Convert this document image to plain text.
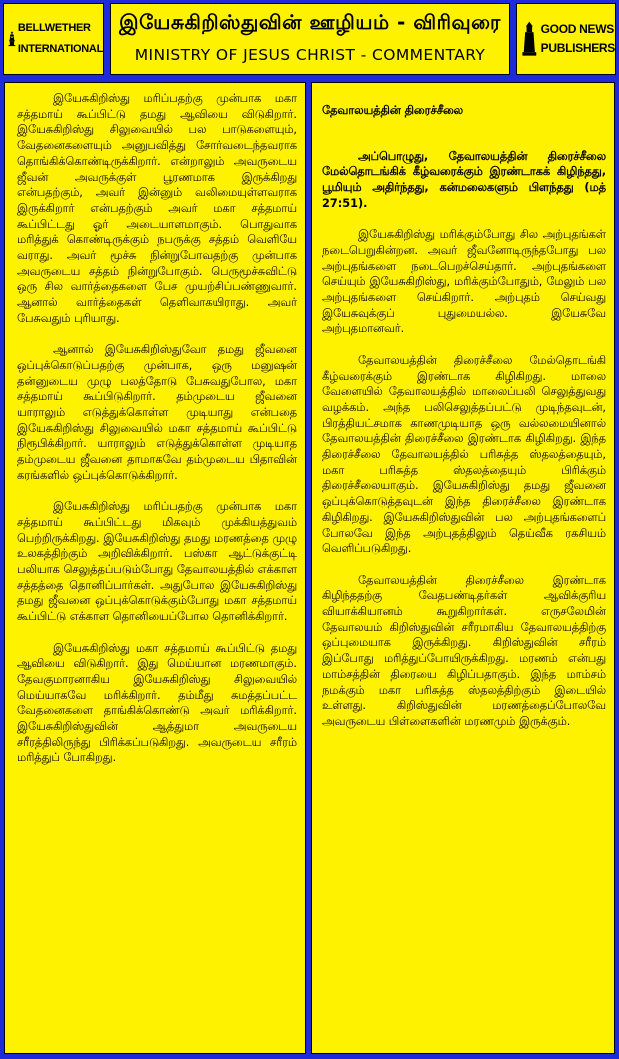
BELLWETHER
INTERNATIONAL
இயேசுகிறிஸ்துவின் ஊழியம் - விரிவுரை
MINISTRY OF JESUS CHRIST - COMMENTARY
GOOD NEWS
PUBLISHERS

இயேசுகிறிஸ்து மரிப்பதற்கு முன்பாக மகா சத்தமாய் கூப்பிட்டு தமது ஆவியை விடுகிறார். இயேசுகிறிஸ்து சிலுவையில் பல பாடுகளையும், வேதனைகளையும் அனுபவித்து சோர்வடைந்தவராக தொங்கிக்கொண்டிருக்கிறார். என்றாலும் அவருடைய ஜீவன் அவருக்குள் பூரணமாக இருக்கிறது என்பதற்கும், அவர் இன்னும் வலிமையுள்ளவராக இருக்கிறார் என்பதற்கும் அவர் மகா சத்தமாய் கூப்பிட்டது ஓர் அடையாளமாகும். பொதுவாக மரித்துக் கொண்டிருக்கும் நபருக்கு சத்தம் வெளியே வராது. அவர் மூச்சு நின்றுபோவதற்கு முன்பாக அவருடைய சத்தம் நின்றுபோகும். பெருமூச்சுவிட்டு ஒரு சில வார்த்தைகளை பேச முயற்சிப்பண்ணுவார். ஆனால் வார்த்தைகள் தெளிவாகயிராது. அவர் பேசுவதும் புரியாது.

ஆனால் இயேசுகிறிஸ்துவோ தமது ஜீவனை ஒப்புக்கொடுப்பதற்கு முன்பாக, ஒரு மனுஷன் தன்னுடைய முழு பலத்தோடு பேசுவதுபோல, மகா சத்தமாய் கூப்பிடுகிறார். தம்முடைய ஜீவனை யாராலும் எடுத்துக்கொள்ள முடியாது என்பதை இயேசுகிறிஸ்து சிலுவையில் மகா சத்தமாய் கூப்பிட்டு நிரூபிக்கிறார். யாராலும் எடுத்துக்கொள்ள முடியாத தம்முடைய ஜீவனை தாமாகவே தம்முடைய பிதாவின் கரங்களில் ஒப்புக்கொடுக்கிறார்.

இயேசுகிறிஸ்து மரிப்பதற்கு முன்பாக மகா சத்தமாய் கூப்பிட்டது மிகவும் முக்கியத்துவம் பெற்றிருக்கிறது. இயேசுகிறிஸ்து தமது மரணத்தை முழு உலகத்திற்கும் அறிவிக்கிறார். பஸ்கா ஆட்டுக்குட்டி பலியாக செலுத்தப்படும்போது தேவாலயத்தில் எக்காள சத்தத்தை தொனிப்பார்கள். அதுபோல இயேசுகிறிஸ்து தமது ஜீவனை ஒப்புக்கொடுக்கும்போது மகா சத்தமாய் கூப்பிட்டு எக்காள தொனியைப்போல தொனிக்கிறார்.

இயேசுகிறிஸ்து மகா சத்தமாய் கூப்பிட்டு தமது ஆவியை விடுகிறார். இது மெய்யான மரணமாகும். தேவகுமாரனாகிய இயேசுகிறிஸ்து சிலுவையில் மெய்யாகவே மரிக்கிறார். தம்மீது சுமத்தப்பட்ட வேதனைகளை தாங்கிக்கொண்டு அவர் மரிக்கிறார். இயேசுகிறிஸ்துவின் ஆத்துமா அவருடைய சரீரத்திலிருந்து பிரிக்கப்படுகிறது. அவருடைய சரீரம் மரித்துப் போகிறது.

தேவாலயத்தின் திரைச்சீலை

அப்பொழுது, தேவாலயத்தின் திரைச்சீலை மேல்தொடங்கிக் கீழ்வரைக்கும் இரண்டாகக் கிழிந்தது, பூமியும் அதிர்ந்தது, கன்மலைகளும் பிளந்தது (மத் 27:51).

இயேசுகிறிஸ்து மரிக்கும்போது சில அற்புதங்கள் நடைபெறுகின்றன. அவர் ஜீவனோடிருந்தபோது பல அற்புதங்களை நடைபெறச்செய்தார். அற்புதங்களை செய்யும் இயேசுகிறிஸ்து, மரிக்கும்போதும், மேலும் பல அற்புதங்களை செய்கிறார். அற்புதம் செய்வது இயேசுவுக்குப் புதுமையல்ல. இயேசுவே அற்புதமானவர்.

தேவாலயத்தின் திரைச்சீலை மேல்தொடங்கி கீழ்வரைக்கும் இரண்டாக கிழிகிறது. மாலை வேளையில் தேவாலயத்தில் மாலைப்பலி செலுத்துவது வழக்கம். அந்த பலிசெலுத்தப்பட்டு முடிந்தவுடன், பிரத்தியட்சமாக காணமுடியாத ஒரு வல்லமையினால் தேவாலயத்தின் திரைச்சீலை இரண்டாக கிழிகிறது. இந்த திரைச்சீலை தேவாலயத்தில் பரிசுத்த ஸ்தலத்தையும், மகா பரிசுத்த ஸ்தலத்தையும் பிரிக்கும் திரைச்சீலையாகும். இயேசுகிறிஸ்து தமது ஜீவனை ஒப்புக்கொடுத்தவுடன் இந்த திரைச்சீலை இரண்டாக கிழிகிறது. இயேசுகிறிஸ்துவின் பல அற்புதங்களைப் போலவே இந்த அற்புதத்திலும் தெய்வீக ரகசியம் வெளிப்படுகிறது.

தேவாலயத்தின் திரைச்சீலை இரண்டாக கிழிந்ததற்கு வேதபண்டிதர்கள் ஆவிக்குரிய வியாக்கியானம் கூறுகிறார்கள். எருசலேமின் தேவாலயம் கிறிஸ்துவின் சரீரமாகிய தேவாலயத்திற்கு ஒப்புமையாக இருக்கிறது. கிறிஸ்துவின் சரீரம் இப்போது மரித்துப்போயிருக்கிறது. மரணம் என்பது மாம்சத்தின் திரையை கிழிப்பதாகும். இந்த மாம்சம் நமக்கும் மகா பரிசுத்த ஸ்தலத்திற்கும் இடையில் உள்ளது. கிறிஸ்துவின் மரணத்தைப்போலவே அவருடைய பிள்ளைகளின் மரணமும் இருக்கும்.
